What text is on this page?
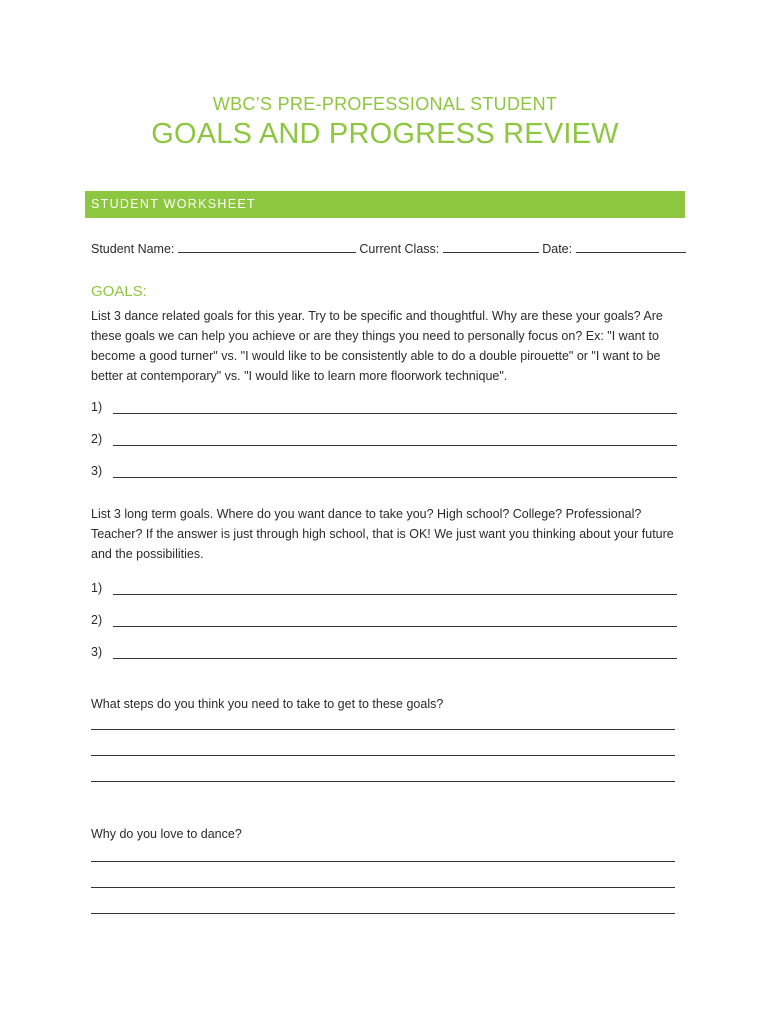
WBC’S PRE-PROFESSIONAL STUDENT
GOALS AND PROGRESS REVIEW
STUDENT WORKSHEET
Student Name:	Current Class:	Date:
GOALS:
List 3 dance related goals for this year. Try to be specific and thoughtful. Why are these your goals? Are these goals we can help you achieve or are they things you need to personally focus on? Ex: "I want to become a good turner" vs. "I would like to be consistently able to do a double pirouette" or "I want to be better at contemporary" vs. "I would like to learn more floorwork technique".
1)
2)
3)
List 3 long term goals. Where do you want dance to take you? High school? College? Professional? Teacher? If the answer is just through high school, that is OK! We just want you thinking about your future and the possibilities.
1)
2)
3)
What steps do you think you need to take to get to these goals?
Why do you love to dance?
